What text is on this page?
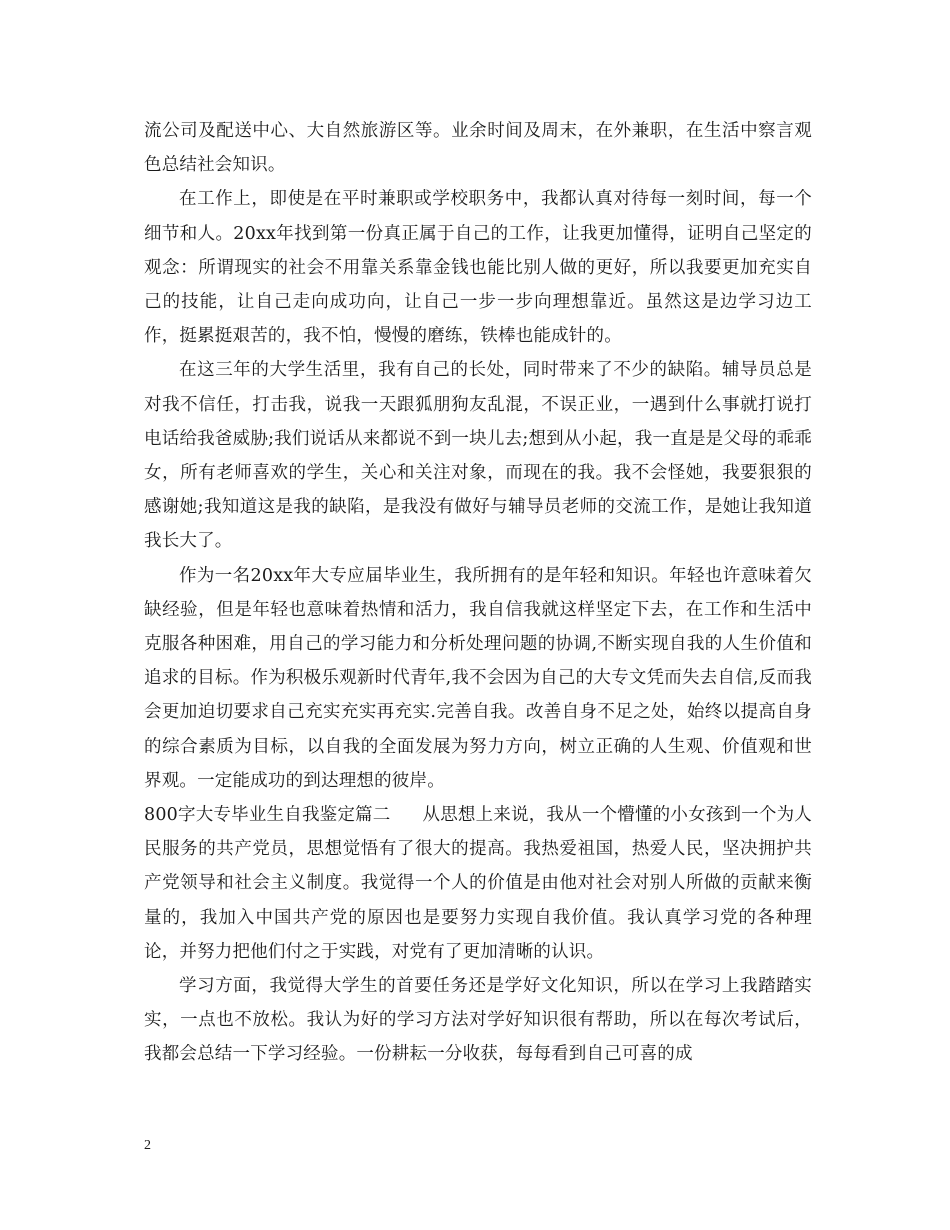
流公司及配送中心、大自然旅游区等。业余时间及周末，在外兼职，在生活中察言观色总结社会知识。

在工作上，即使是在平时兼职或学校职务中，我都认真对待每一刻时间，每一个细节和人。20xx年找到第一份真正属于自己的工作，让我更加懂得，证明自己坚定的观念：所谓现实的社会不用靠关系靠金钱也能比别人做的更好，所以我要更加充实自己的技能，让自己走向成功向，让自己一步一步向理想靠近。虽然这是边学习边工作，挺累挺艰苦的，我不怕，慢慢的磨练，铁棒也能成针的。

在这三年的大学生活里，我有自己的长处，同时带来了不少的缺陷。辅导员总是对我不信任，打击我，说我一天跟狐朋狗友乱混，不误正业，一遇到什么事就打说打电话给我爸威胁;我们说话从来都说不到一块儿去;想到从小起，我一直是是父母的乖乖女，所有老师喜欢的学生，关心和关注对象，而现在的我。我不会怪她，我要狠狠的感谢她;我知道这是我的缺陷，是我没有做好与辅导员老师的交流工作，是她让我知道我长大了。

作为一名20xx年大专应届毕业生，我所拥有的是年轻和知识。年轻也许意味着欠缺经验，但是年轻也意味着热情和活力，我自信我就这样坚定下去，在工作和生活中克服各种困难，用自己的学习能力和分析处理问题的协调,不断实现自我的人生价值和追求的目标。作为积极乐观新时代青年,我不会因为自己的大专文凭而失去自信,反而我会更加迫切要求自己充实充实再充实.完善自我。改善自身不足之处，始终以提高自身的综合素质为目标，以自我的全面发展为努力方向，树立正确的人生观、价值观和世界观。一定能成功的到达理想的彼岸。

800字大专毕业生自我鉴定篇二 从思想上来说，我从一个懵懂的小女孩到一个为人民服务的共产党员，思想觉悟有了很大的提高。我热爱祖国，热爱人民，坚决拥护共产党领导和社会主义制度。我觉得一个人的价值是由他对社会对别人所做的贡献来衡量的，我加入中国共产党的原因也是要努力实现自我价值。我认真学习党的各种理论，并努力把他们付之于实践，对党有了更加清晰的认识。

学习方面，我觉得大学生的首要任务还是学好文化知识，所以在学习上我踏踏实实，一点也不放松。我认为好的学习方法对学好知识很有帮助，所以在每次考试后，我都会总结一下学习经验。一份耕耘一分收获，每每看到自己可喜的成

2
